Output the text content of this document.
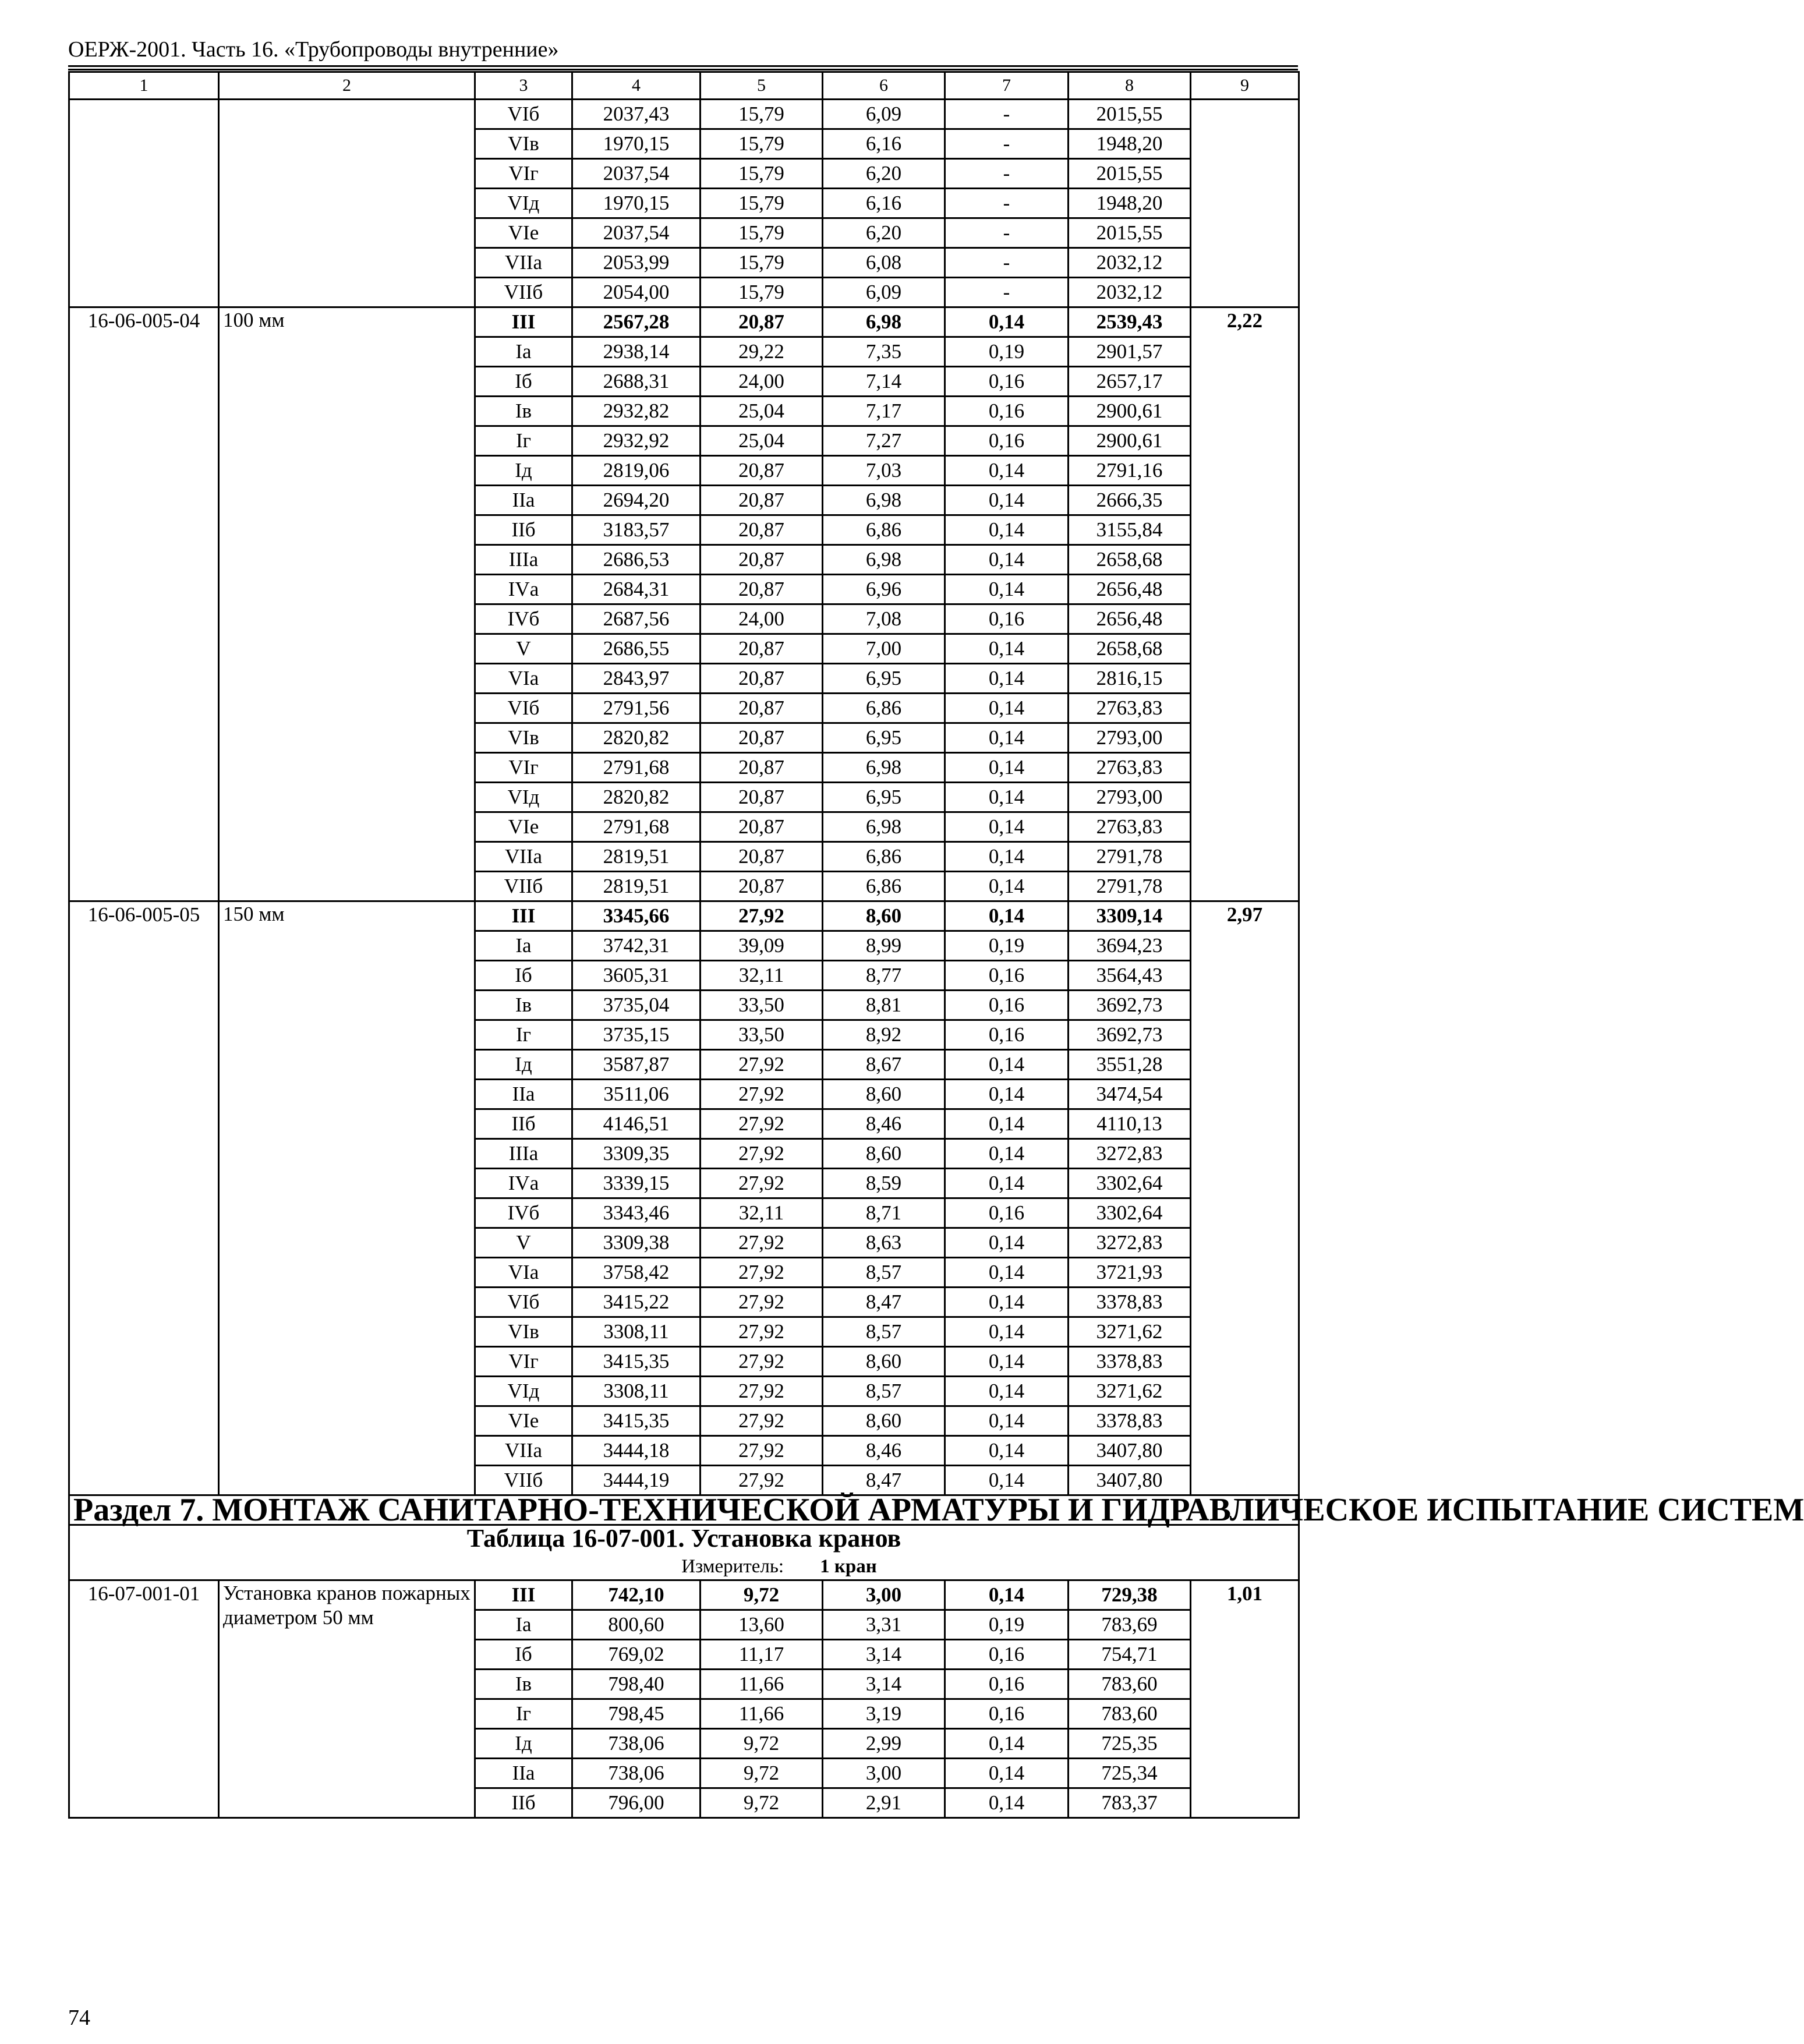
ОЕРЖ-2001. Часть 16. «Трубопроводы внутренние»
1	2	3	4	5	6	7	8	9
		VIб	2037,43	15,79	6,09	-	2015,55	
		VIв	1970,15	15,79	6,16	-	1948,20	
		VIг	2037,54	15,79	6,20	-	2015,55	
		VIд	1970,15	15,79	6,16	-	1948,20	
		VIе	2037,54	15,79	6,20	-	2015,55	
		VIIа	2053,99	15,79	6,08	-	2032,12	
		VIIб	2054,00	15,79	6,09	-	2032,12	
16-06-005-04	100 мм	III	2567,28	20,87	6,98	0,14	2539,43	2,22
		Iа	2938,14	29,22	7,35	0,19	2901,57	
		Iб	2688,31	24,00	7,14	0,16	2657,17	
		Iв	2932,82	25,04	7,17	0,16	2900,61	
		Iг	2932,92	25,04	7,27	0,16	2900,61	
		Iд	2819,06	20,87	7,03	0,14	2791,16	
		IIа	2694,20	20,87	6,98	0,14	2666,35	
		IIб	3183,57	20,87	6,86	0,14	3155,84	
		IIIа	2686,53	20,87	6,98	0,14	2658,68	
		IVа	2684,31	20,87	6,96	0,14	2656,48	
		IVб	2687,56	24,00	7,08	0,16	2656,48	
		V	2686,55	20,87	7,00	0,14	2658,68	
		VIа	2843,97	20,87	6,95	0,14	2816,15	
		VIб	2791,56	20,87	6,86	0,14	2763,83	
		VIв	2820,82	20,87	6,95	0,14	2793,00	
		VIг	2791,68	20,87	6,98	0,14	2763,83	
		VIд	2820,82	20,87	6,95	0,14	2793,00	
		VIе	2791,68	20,87	6,98	0,14	2763,83	
		VIIа	2819,51	20,87	6,86	0,14	2791,78	
		VIIб	2819,51	20,87	6,86	0,14	2791,78	
16-06-005-05	150 мм	III	3345,66	27,92	8,60	0,14	3309,14	2,97
		Iа	3742,31	39,09	8,99	0,19	3694,23	
		Iб	3605,31	32,11	8,77	0,16	3564,43	
		Iв	3735,04	33,50	8,81	0,16	3692,73	
		Iг	3735,15	33,50	8,92	0,16	3692,73	
		Iд	3587,87	27,92	8,67	0,14	3551,28	
		IIа	3511,06	27,92	8,60	0,14	3474,54	
		IIб	4146,51	27,92	8,46	0,14	4110,13	
		IIIа	3309,35	27,92	8,60	0,14	3272,83	
		IVа	3339,15	27,92	8,59	0,14	3302,64	
		IVб	3343,46	32,11	8,71	0,16	3302,64	
		V	3309,38	27,92	8,63	0,14	3272,83	
		VIа	3758,42	27,92	8,57	0,14	3721,93	
		VIб	3415,22	27,92	8,47	0,14	3378,83	
		VIв	3308,11	27,92	8,57	0,14	3271,62	
		VIг	3415,35	27,92	8,60	0,14	3378,83	
		VIд	3308,11	27,92	8,57	0,14	3271,62	
		VIе	3415,35	27,92	8,60	0,14	3378,83	
		VIIа	3444,18	27,92	8,46	0,14	3407,80	
		VIIб	3444,19	27,92	8,47	0,14	3407,80	
Раздел 7. МОНТАЖ САНИТАРНО-ТЕХНИЧЕСКОЙ АРМАТУРЫ И ГИДРАВЛИЧЕСКОЕ ИСПЫТАНИЕ СИСТЕМ								
Таблица 16-07-001. Установка кранов
Измеритель: 1 кран								

16-07-001-01	Установка кранов пожарных диаметром 50 мм	III	742,10	9,72	3,00	0,14	729,38	1,01
		Iа	800,60	13,60	3,31	0,19	783,69	
		Iб	769,02	11,17	3,14	0,16	754,71	
		Iв	798,40	11,66	3,14	0,16	783,60	
		Iг	798,45	11,66	3,19	0,16	783,60	
		Iд	738,06	9,72	2,99	0,14	725,35	
		IIа	738,06	9,72	3,00	0,14	725,34	
		IIб	796,00	9,72	2,91	0,14	783,37	
74
